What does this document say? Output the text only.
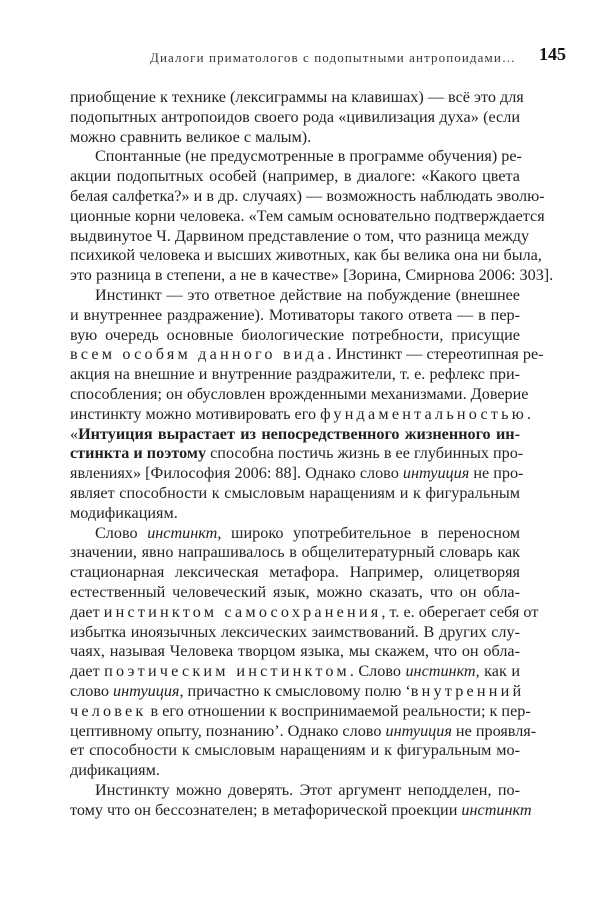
Диалоги приматологов с подопытными антропоидами… 145
приобщение к технике (лексиграммы на клавишах) — всё это для
подопытных антропоидов своего рода «цивилизация духа» (если
можно сравнить великое с малым).
Спонтанные (не предусмотренные в программе обучения) ре-
акции подопытных особей (например, в диалоге: «Какого цвета
белая салфетка?» и в др. случаях) — возможность наблюдать эволю-
ционные корни человека. «Тем самым основательно подтверждается
выдвинутое Ч. Дарвином представление о том, что разница между
психикой человека и высших животных, как бы велика она ни была,
это разница в степени, а не в качестве» [Зорина, Смирнова 2006: 303].
Инстинкт — это ответное действие на побуждение (внешнее
и внутреннее раздражение). Мотиваторы такого ответа — в пер-
вую очередь основные биологические потребности, присущие
всем особям данного вида. Инстинкт — стереотипная ре-
акция на внешние и внутренние раздражители, т. е. рефлекс при-
способления; он обусловлен врожденными механизмами. Доверие
инстинкту можно мотивировать его фундаментальностью.
«Интуиция вырастает из непосредственного жизненного ин-
стинкта и поэтому способна постичь жизнь в ее глубинных про-
явлениях» [Философия 2006: 88]. Однако слово интуиция не про-
являет способности к смысловым наращениям и к фигуральным
модификациям.
Слово инстинкт, широко употребительное в переносном
значении, явно напрашивалось в общелитературный словарь как
стационарная лексическая метафора. Например, олицетворяя
естественный человеческий язык, можно сказать, что он обла-
дает инстинктом самосохранения, т. е. оберегает себя от
избытка иноязычных лексических заимствований. В других слу-
чаях, называя Человека творцом языка, мы скажем, что он обла-
дает поэтическим инстинктом. Слово инстинкт, как и
слово интуиция, причастно к смысловому полю ‘внутренний
человек в его отношении к воспринимаемой реальности; к пер-
цептивному опыту, познанию’. Однако слово интуиция не проявля-
ет способности к смысловым наращениям и к фигуральным мо-
дификациям.
Инстинкту можно доверять. Этот аргумент неподделен, по-
тому что он бессознателен; в метафорической проекции инстинкт
